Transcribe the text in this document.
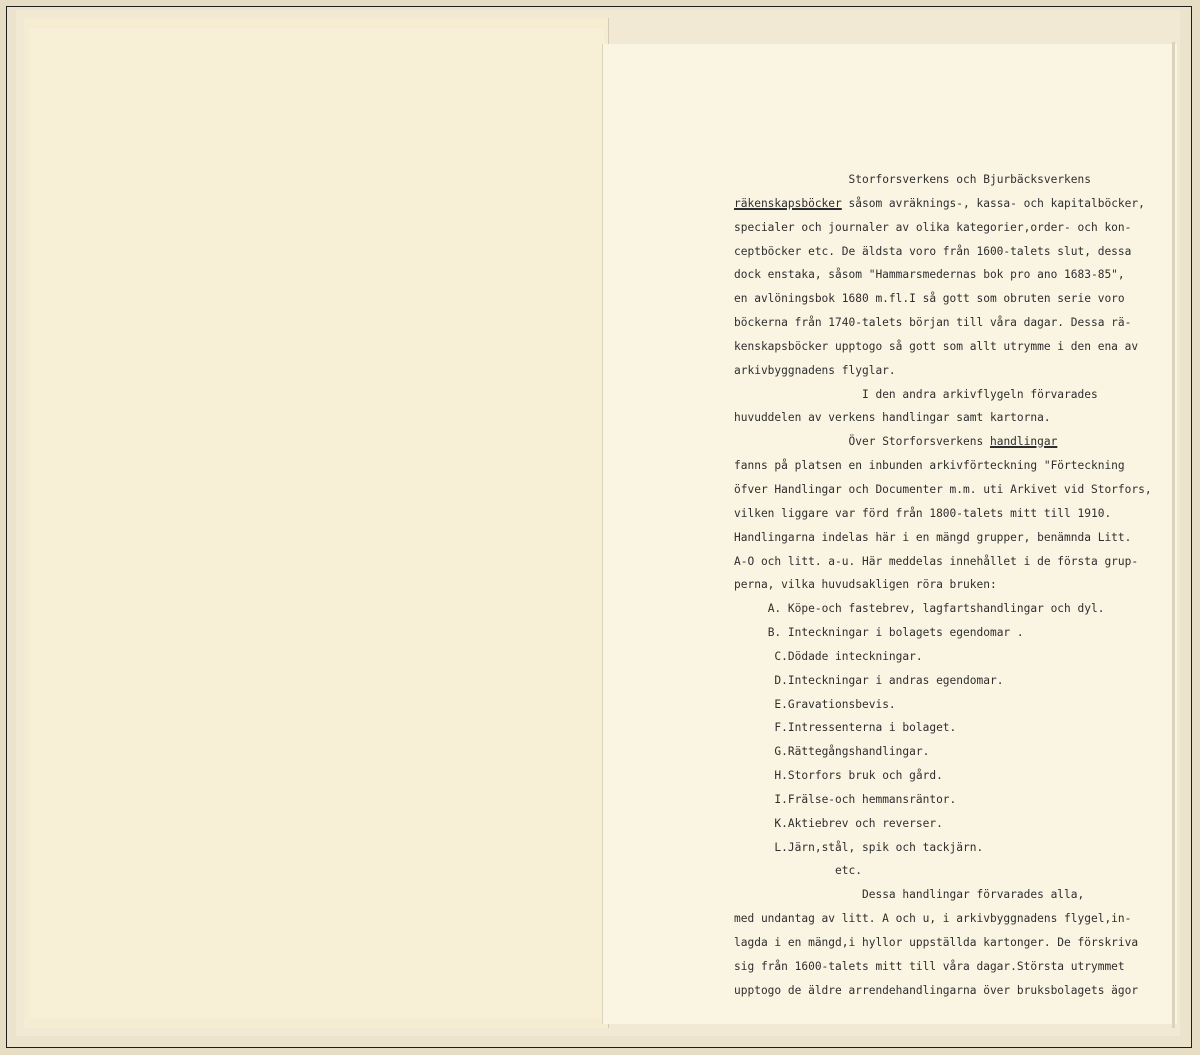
Storforsverkens och Bjurbäcksverkens
räkenskapsböcker såsom avräknings-, kassa- och kapitalböcker,
specialer och journaler av olika kategorier,order- och kon-
ceptböcker etc. De äldsta voro från 1600-talets slut, dessa
dock enstaka, såsom "Hammarsmedernas bok pro ano 1683-85",
en avlöningsbok 1680 m.fl.I så gott som obruten serie voro
böckerna från 1740-talets början till våra dagar. Dessa rä-
kenskapsböcker upptogo så gott som allt utrymme i den ena av
arkivbyggnadens flyglar.
I den andra arkivflygeln förvarades
huvuddelen av verkens handlingar samt kartorna.
Över Storforsverkens handlingar
fanns på platsen en inbunden arkivförteckning "Förteckning
öfver Handlingar och Documenter m.m. uti Arkivet vid Storfors,
vilken liggare var förd från 1800-talets mitt till 1910.
Handlingarna indelas här i en mängd grupper, benämnda Litt.
A-O och litt. a-u. Här meddelas innehållet i de första grup-
perna, vilka huvudsakligen röra bruken:
A. Köpe-och fastebrev, lagfartshandlingar och dyl.
B. Inteckningar i bolagets egendomar .
C.Dödade inteckningar.
D.Inteckningar i andras egendomar.
E.Gravationsbevis.
F.Intressenterna i bolaget.
G.Rättegångshandlingar.
H.Storfors bruk och gård.
I.Frälse-och hemmansräntor.
K.Aktiebrev och reverser.
L.Järn,stål, spik och tackjärn.
etc.
Dessa handlingar förvarades alla,
med undantag av litt. A och u, i arkivbyggnadens flygel,in-
lagda i en mängd,i hyllor uppställda kartonger. De förskriva
sig från 1600-talets mitt till våra dagar.Största utrymmet
upptogo de äldre arrendehandlingarna över bruksbolagets ägor
